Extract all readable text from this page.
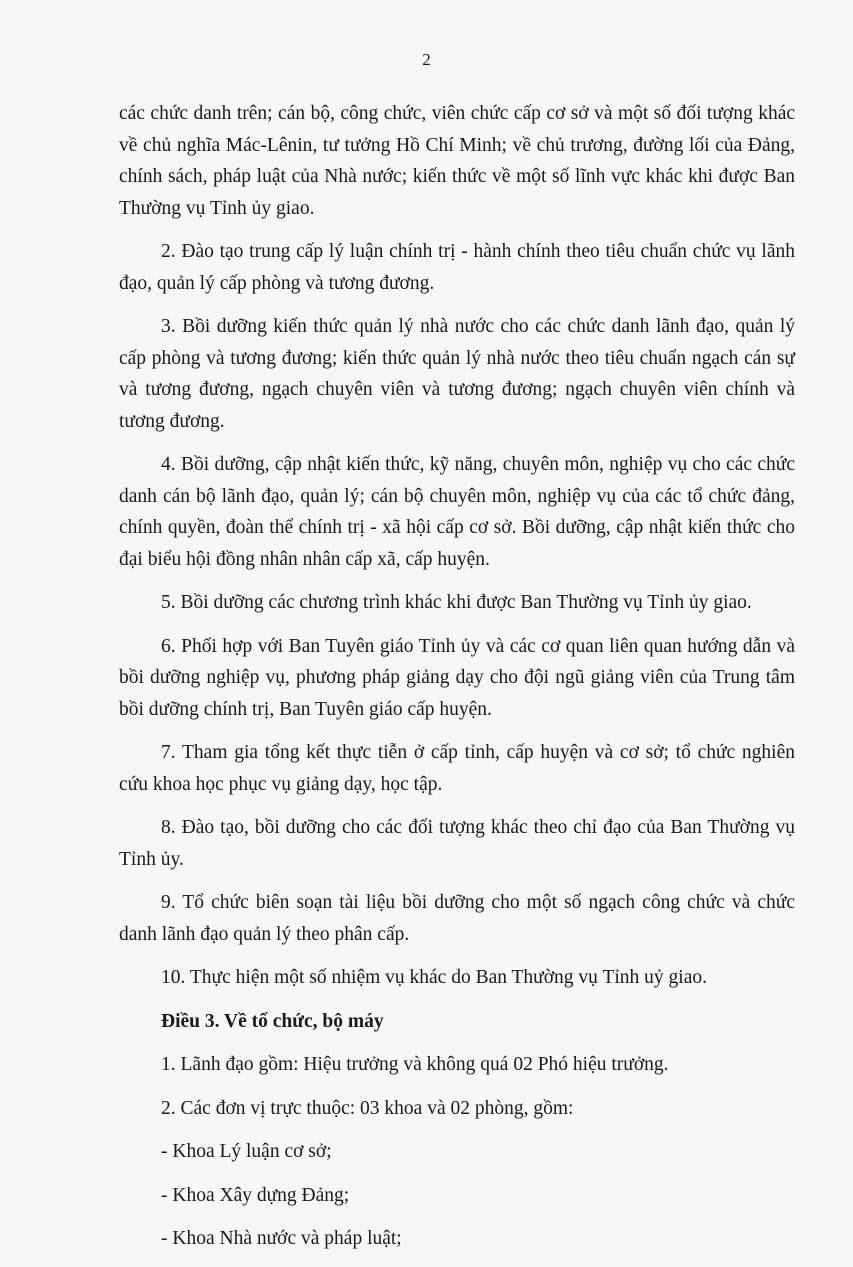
2

các chức danh trên; cán bộ, công chức, viên chức cấp cơ sở và một số đối tượng khác về chủ nghĩa Mác-Lênin, tư tưởng Hồ Chí Minh; về chủ trương, đường lối của Đảng, chính sách, pháp luật của Nhà nước; kiến thức về một số lĩnh vực khác khi được Ban Thường vụ Tỉnh ủy giao.

2. Đào tạo trung cấp lý luận chính trị - hành chính theo tiêu chuẩn chức vụ lãnh đạo, quản lý cấp phòng và tương đương.

3. Bồi dưỡng kiến thức quản lý nhà nước cho các chức danh lãnh đạo, quản lý cấp phòng và tương đương; kiến thức quản lý nhà nước theo tiêu chuẩn ngạch cán sự và tương đương, ngạch chuyên viên và tương đương; ngạch chuyên viên chính và tương đương.

4. Bồi dưỡng, cập nhật kiến thức, kỹ năng, chuyên môn, nghiệp vụ cho các chức danh cán bộ lãnh đạo, quản lý; cán bộ chuyên môn, nghiệp vụ của các tổ chức đảng, chính quyền, đoàn thể chính trị - xã hội cấp cơ sở. Bồi dưỡng, cập nhật kiến thức cho đại biểu hội đồng nhân nhân cấp xã, cấp huyện.

5. Bồi dưỡng các chương trình khác khi được Ban Thường vụ Tỉnh ủy giao.

6. Phối hợp với Ban Tuyên giáo Tỉnh ủy và các cơ quan liên quan hướng dẫn và bồi dưỡng nghiệp vụ, phương pháp giảng dạy cho đội ngũ giảng viên của Trung tâm bồi dưỡng chính trị, Ban Tuyên giáo cấp huyện.

7. Tham gia tổng kết thực tiễn ở cấp tỉnh, cấp huyện và cơ sở; tổ chức nghiên cứu khoa học phục vụ giảng dạy, học tập.

8. Đào tạo, bồi dưỡng cho các đối tượng khác theo chỉ đạo của Ban Thường vụ Tỉnh ủy.

9. Tổ chức biên soạn tài liệu bồi dưỡng cho một số ngạch công chức và chức danh lãnh đạo quản lý theo phân cấp.

10. Thực hiện một số nhiệm vụ khác do Ban Thường vụ Tỉnh uỷ giao.

Điều 3. Về tổ chức, bộ máy

1. Lãnh đạo gồm: Hiệu trưởng và không quá 02 Phó hiệu trưởng.

2. Các đơn vị trực thuộc: 03 khoa và 02 phòng, gồm:

- Khoa Lý luận cơ sở;

- Khoa Xây dựng Đảng;

- Khoa Nhà nước và pháp luật;
